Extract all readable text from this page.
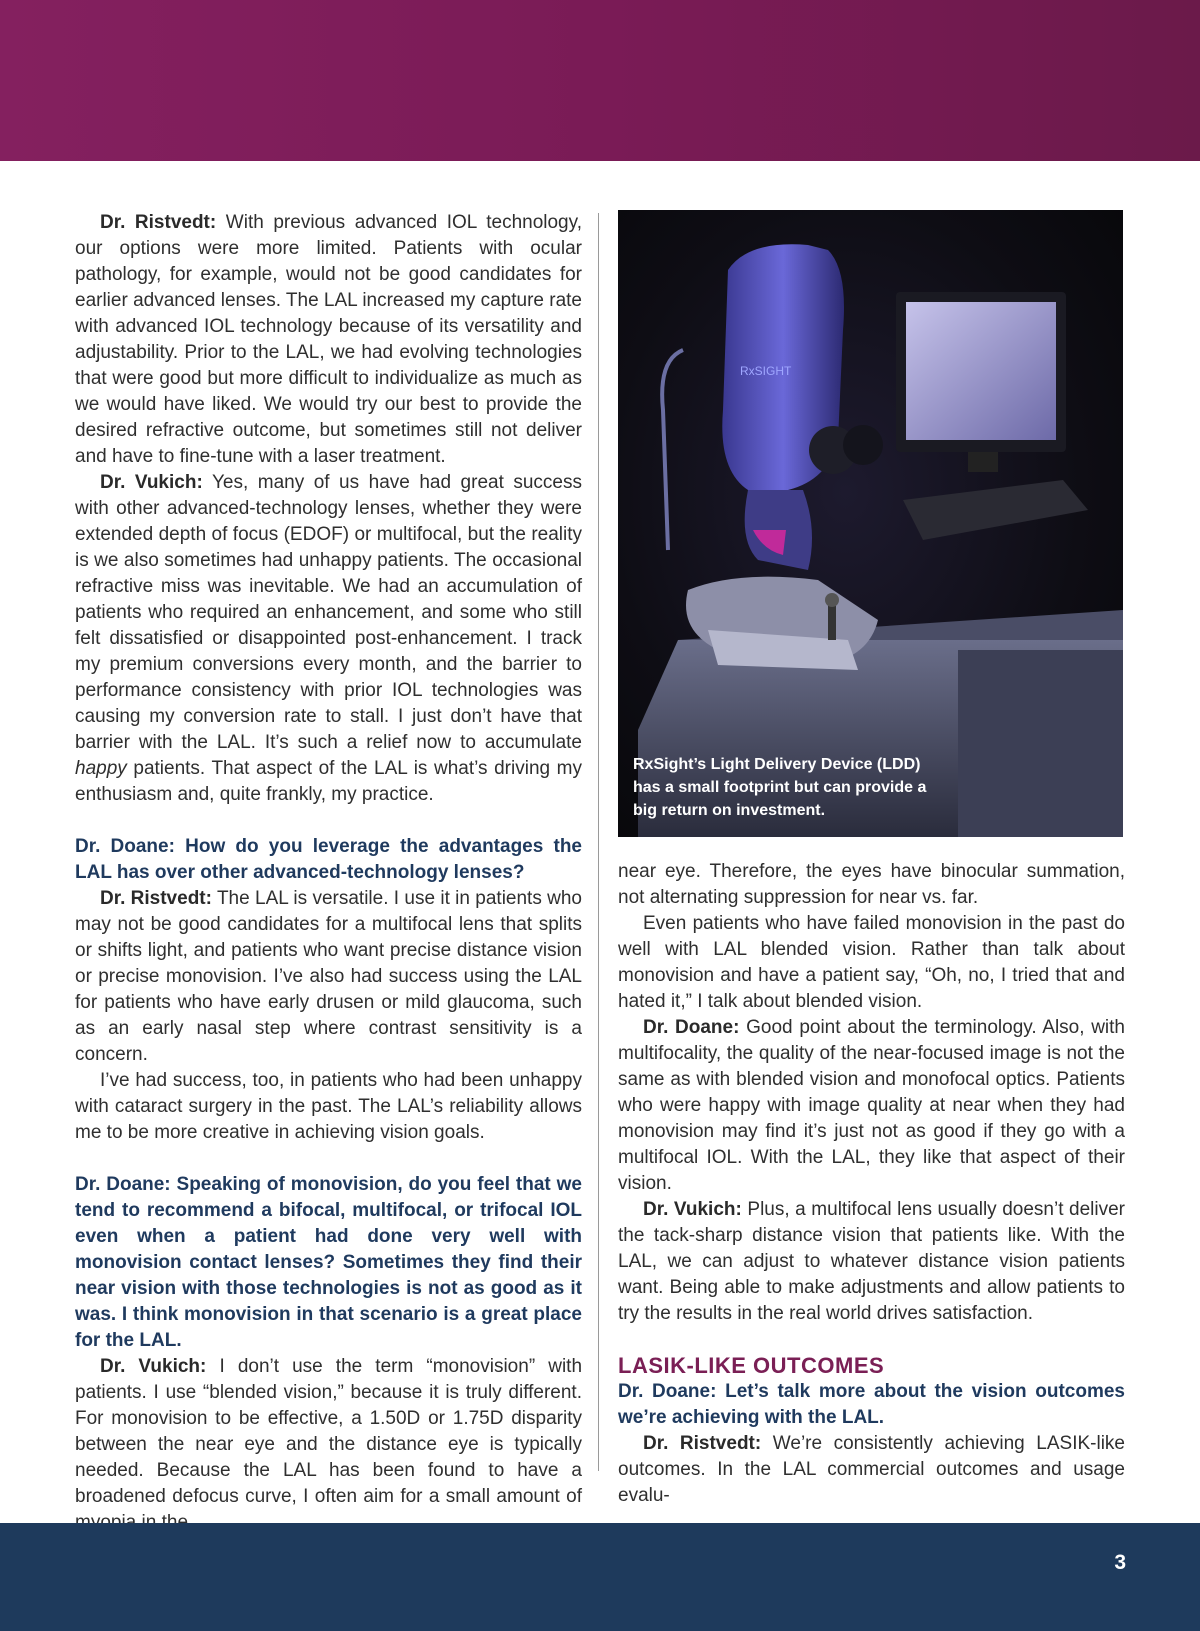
Dr. Ristvedt: With previous advanced IOL technology, our options were more limited. Patients with ocular pathology, for example, would not be good candidates for earlier advanced lenses. The LAL increased my capture rate with advanced IOL technology because of its versatility and adjustability. Prior to the LAL, we had evolving technologies that were good but more difficult to individualize as much as we would have liked. We would try our best to provide the desired refractive outcome, but sometimes still not deliver and have to fine-tune with a laser treatment.

Dr. Vukich: Yes, many of us have had great success with other advanced-technology lenses, whether they were extended depth of focus (EDOF) or multifocal, but the reality is we also sometimes had unhappy patients. The occasional refractive miss was inevitable. We had an accumulation of patients who required an enhancement, and some who still felt dissatisfied or disappointed post-enhancement. I track my premium conversions every month, and the barrier to performance consistency with prior IOL technologies was causing my conversion rate to stall. I just don’t have that barrier with the LAL. It’s such a relief now to accumulate happy patients. That aspect of the LAL is what’s driving my enthusiasm and, quite frankly, my practice.

Dr. Doane: How do you leverage the advantages the LAL has over other advanced-technology lenses?

Dr. Ristvedt: The LAL is versatile. I use it in patients who may not be good candidates for a multifocal lens that splits or shifts light, and patients who want precise distance vision or precise monovision. I’ve also had success using the LAL for patients who have early drusen or mild glaucoma, such as an early nasal step where contrast sensitivity is a concern.

I’ve had success, too, in patients who had been unhappy with cataract surgery in the past. The LAL’s reliability allows me to be more creative in achieving vision goals.

Dr. Doane: Speaking of monovision, do you feel that we tend to recommend a bifocal, multifocal, or trifocal IOL even when a patient had done very well with monovision contact lenses? Sometimes they find their near vision with those technologies is not as good as it was. I think monovision in that scenario is a great place for the LAL.

Dr. Vukich: I don’t use the term “monovision” with patients. I use “blended vision,” because it is truly different. For monovision to be effective, a 1.50D or 1.75D disparity between the near eye and the distance eye is typically needed. Because the LAL has been found to have a broadened defocus curve, I often aim for a small amount of

RxSIGHT
RxSight’s Light Delivery Device (LDD) has a small footprint but can provide a big return on investment.

near eye. Therefore, the eyes have binocular summation, not alternating suppression for near vs. far.

Even patients who have failed monovision in the past do well with LAL blended vision. Rather than talk about monovision and have a patient say, “Oh, no, I tried that and hated it,” I talk about blended vision.

Dr. Doane: Good point about the terminology. Also, with multifocality, the quality of the near-focused image is not the same as with blended vision and monofocal optics. Patients who were happy with image quality at near when they had monovision may find it’s just not as good if they go with a multifocal IOL. With the LAL, they like that aspect of their vision.

Dr. Vukich: Plus, a multifocal lens usually doesn’t deliver the tack-sharp distance vision that patients like. With the LAL, we can adjust to whatever distance vision patients want. Being able to make adjustments and allow patients to try the results in the real world drives satisfaction.

LASIK-LIKE OUTCOMES

Dr. Doane: Let’s talk more about the vision outcomes we’re achieving with the LAL.

Dr. Ristvedt: We’re consistently achieving LASIK-like outcomes. In the LAL commercial outcomes and usage evalu-

3
